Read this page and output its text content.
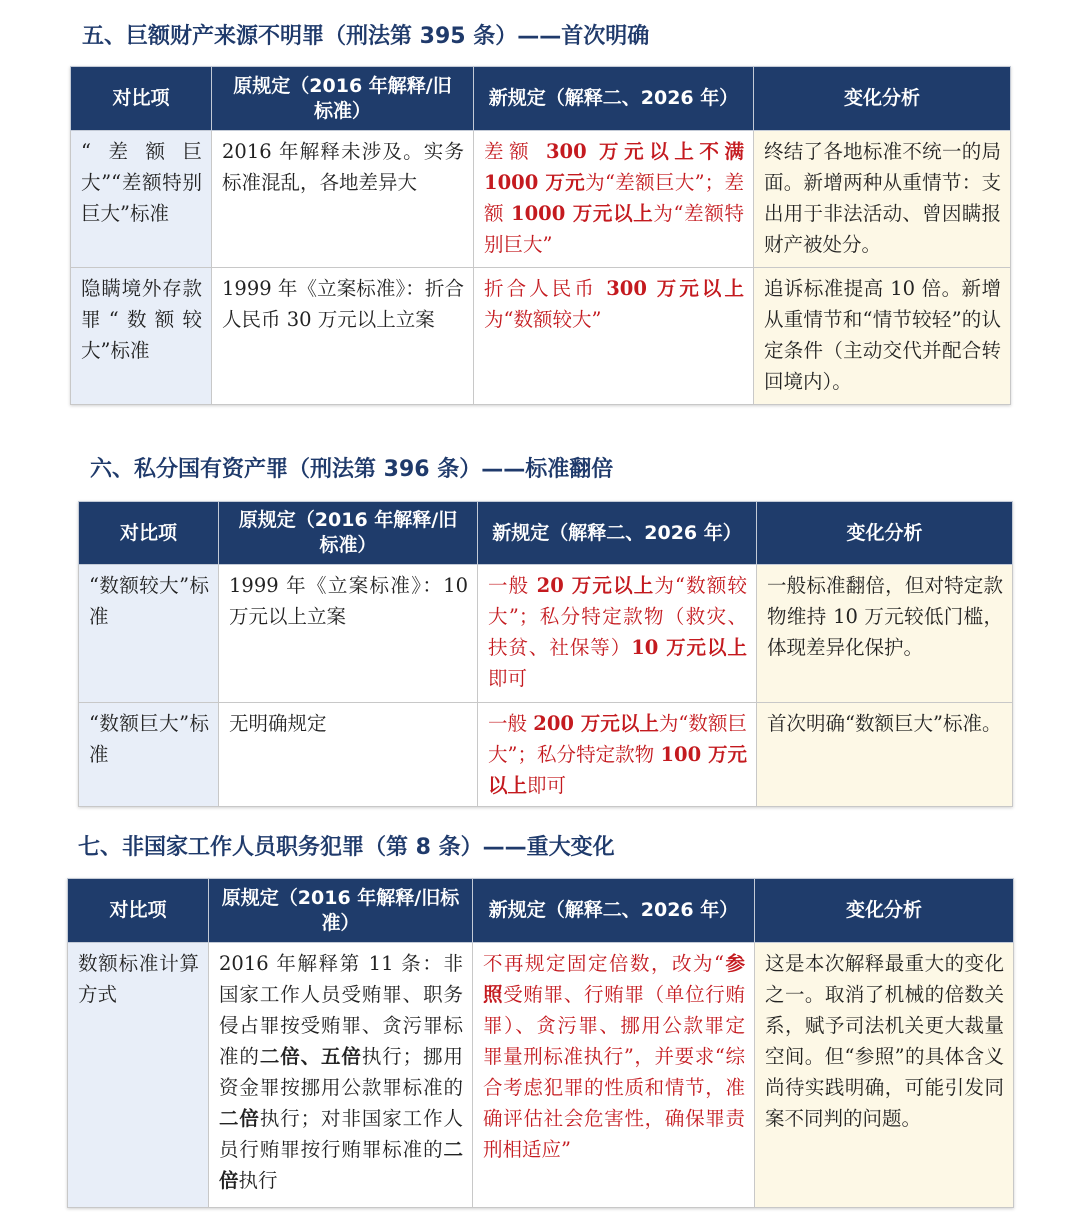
五、巨额财产来源不明罪（刑法第 395 条）——首次明确
对比项	原规定（2016 年解释/旧标准）	新规定（解释二、2026 年）	变化分析
“差额巨大”“差额特别巨大”标准	2016 年解释未涉及。实务标准混乱，各地差异大	差额 300 万元以上不满 1000 万元为“差额巨大”；差额 1000 万元以上为“差额特别巨大”	终结了各地标准不统一的局面。新增两种从重情节：支出用于非法活动、曾因瞒报财产被处分。
隐瞒境外存款罪“数额较大”标准	1999 年《立案标准》：折合人民币 30 万元以上立案	折合人民币 300 万元以上为“数额较大”	追诉标准提高 10 倍。新增从重情节和“情节较轻”的认定条件（主动交代并配合转回境内）。
六、私分国有资产罪（刑法第 396 条）——标准翻倍
对比项	原规定（2016 年解释/旧标准）	新规定（解释二、2026 年）	变化分析
“数额较大”标准	1999 年《立案标准》：10 万元以上立案	一般 20 万元以上为“数额较大”；私分特定款物（救灾、扶贫、社保等）10 万元以上即可	一般标准翻倍，但对特定款物维持 10 万元较低门槛，体现差异化保护。
“数额巨大”标准	无明确规定	一般 200 万元以上为“数额巨大”；私分特定款物 100 万元以上即可	首次明确“数额巨大”标准。
七、非国家工作人员职务犯罪（第 8 条）——重大变化
对比项	原规定（2016 年解释/旧标准）	新规定（解释二、2026 年）	变化分析
数额标准计算方式	2016 年解释第 11 条：非国家工作人员受贿罪、职务侵占罪按受贿罪、贪污罪标准的二倍、五倍执行；挪用资金罪按挪用公款罪标准的二倍执行；对非国家工作人员行贿罪按行贿罪标准的二倍执行	不再规定固定倍数，改为“参照受贿罪、行贿罪（单位行贿罪）、贪污罪、挪用公款罪定罪量刑标准执行”，并要求“综合考虑犯罪的性质和情节，准确评估社会危害性，确保罪责刑相适应”	这是本次解释最重大的变化之一。取消了机械的倍数关系，赋予司法机关更大裁量空间。但“参照”的具体含义尚待实践明确，可能引发同案不同判的问题。
